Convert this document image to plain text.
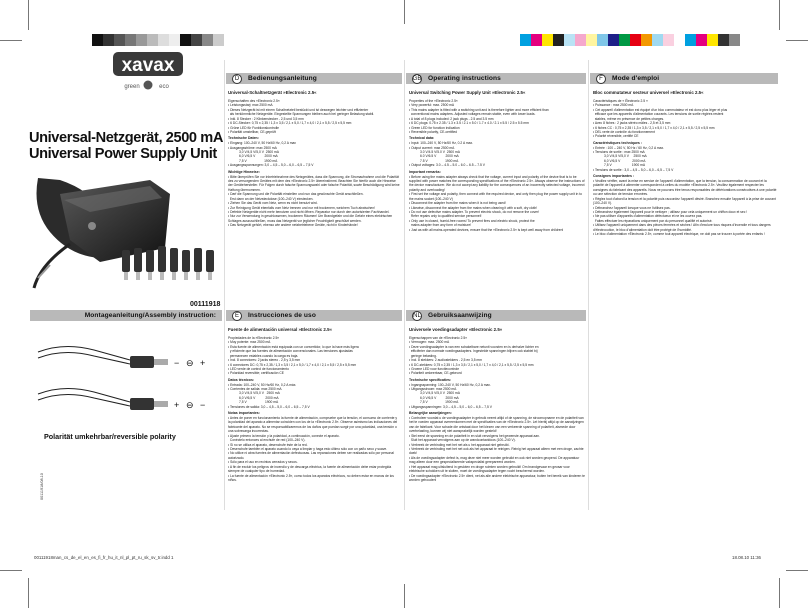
xavax
green	eco
Universal-Netzgerät, 2500 mA
Universal Power Supply Unit
00111918
D	Bedienungsanleitung	GB Operating instructions	F	Mode d'emploi
Universal-Schaltnetzgerät »Electronic 2.5«

Eigenschaften des »Electronic 2.5«
• Leistungsstarj: max 2500 mA
• Dieses Netzgerät ist mit einem Schaltnetzteil bestückt und ist deswegen leichter und effizienter
als herkömmliche Netzgeräte. Eingestellte Spannungen bleiben auch bei geringer Belastung stabil.
• Inkl. 8 Stecker : 2 Klinkenstecker - 2,5 und 3,5 mm
• 6 DC-Stecker: 0,75 x 2,35 / 1,3 x 3,5 / 2,1 x 5,0 / 1,7 x 4,0 / 2,1 x 5,5 / 2,5 x 5,5 mm
• Grüne LED für Funktionskontrolle
• Polarität umstellbar, CE-geprüft

Technische Daten:

• Eingang: 100–240 V, 50 Hz/60 Hz, 0,2 A max
• Ausgangsströme: max 2500 mA
3,0 V/4,5 V/5,0 V  2500 mA
6,0 V/6,5 V          2000 mA
7,5 V                   1900 mA
• Ausgangsspannungen: 3,0 – 4,5 – 5,0 – 6,0 – 6,5 – 7,5 V

Wichtige Hinweise:

• Bitte überprüfen Sie vor Inbetriebnahme des Netzgerätes, dass die Spannung, die Stromaufnahme und die Polarität des zu versorgenden Gerätes mit dem des »Electronic 2.5« übereinstimmt. Beachten Sie hierfür auch die Hinweise der Gerätehersteller. Für Folgen durch falsche Spannungswahl oder falsche Polarität, sowie Beschädigung wird keine Haftung übernommen.
• Darf die Spannung und die Polarität einstellen und nun das gewünschte Gerät anschließen.
Erst dann an der Netzsteckdose (100–240 V) einstecken.
• Ziehen Sie das Gerät vom Netz, wenn es nicht benutzt wird.
• Zur Reinigung Gerät ebenfalls vom Netz trennen und nur mit trockenem, weichem Tuch abwischen!
• Defekte Netzgeräte nicht mehr benutzen und nicht öffnen. Reparatur nur durch den autorisierten Fachhandel.
• Nur zur Verwendung in geschlossenen, trockenen Räumen! Um Brandgefahr und die Gefahr eines elektrischen Schlages auszuschließen, muss das Netzgerät vor jeglicher Feuchtigkeit geschützt werden.
• Das Netzgerät gehört, ebenso wie andere netzbetriebene Geräte, nicht in Kinderhände!

Universal Switching Power Supply Unit »Electronic 2.5«

Properties of the »Electronic 2.5«
• Very powerful: max. 2500 mA
• This mains adapter is fitted with a switching unit and is therefore lighter and more efficient than
conventional mains adapters. Adjusted voltages remain stable, even with lower loads.
• A total of 8 plugs included: 2 jack plugs - 2.5 and 3.5 mm
• 6 DC plugs: 0.75 x 2.35 / 1.3 x 3.5 / 2.1 x 5.0 / 1.7 x 4.0 / 2.1 x 5.5 / 2.5 x 5.5 mm
• Green LED for function indication
• Reversible polarity, CE-certified

Technical data:

• Input: 100–240 V, 50 Hz/60 Hz, 0.2 A max.
• Output current: max 2500 mA
3.0 V/4.5 V/5.0 V  2500 mA
6.0 V/6.5 V          2000 mA
7.5 V                   1900 mA
• Output voltages: 3.0 – 4.5 – 5.0 – 6.0 – 6.5 – 7.5 V

Important remarks:

• Before using the mains adapter always check that the voltage, current input and polarity of the device that is to be supplied with power matches the corresponding specifications of the »Electronic 2.5«. Always observe the instructions of the device manufacturer. We do not accept any liability for the consequences of an incorrectly selected voltage, incorrect polarity and overloading!
• First set the voltage and polarity, then connect with the required device, and only then plug the power supply unit in to the mains socket (100–240 V)
• Disconnect the adapter from the mains when it is not being used!
• Likewise, disconnect the adapter from the mains when cleaning it with a soft, dry cloth!
• Do not use defective mains adapter. To prevent electric shock, do not remove the cover!
Refer repairs only to qualified service personnel!
• Only use in closed, humid-free rooms! To prevent fires and electric shock, protect the
mains adapter from any form of moisture!
• Just as with all mains-operated devices, ensure that the »Electronic 2.5« is kept well away from children!

Bloc commutateur secteur universel »Electronic 2.5«

Caractéristiques de « Électronic 2.5 »
• Puissance : max 2500 mA
• Cet appareil d'alimentation est équipé d'un bloc commutateur et est donc plus léger et plus
efficace que les appareils d'alimentation courants. Les tensions de sortie réglées restent
stables, même en présence de petites charges.
• Avec 8 fiches : 2 jacks stéréo mâles - 2,5 et 3,5 mm
• 6 fiches CC : 0,75 x 2,35 / 1,3 x 3,5 / 2,1 x 5,0 / 1,7 x 4,0 / 2,1 x 5,5 / 2,5 x 5,5 mm
• DEL verte de contrôle du fonctionnement
• Polarité réversible, certifié CE

Caractéristiques techniques :

• Entrée : 100 – 240 V, 50 Hz / 60 Hz, 0,2 A max.
• Tensions de sortie : max 2500 mA
3,0 V/4,5 V/5,0 V     2500 mA
6,0 V/6,5 V             2000 mA
7,5 V                      1900 mA
• Tensions de sortie : 3,0 – 4,5 – 5,0 – 6,0 – 6,5 – 7,5 V

Consignes importantes :

• Veuillez vérifier, avant la mise en service de l'appareil d'alimentation, que la tension, la consommation de courant et la polarité de l'appareil à alimenter correspondent à celles du modèle »Électronic 2.5«. Veuillez également respecter les consignes du fabricant des appareils. Nous ne pouvons être tenus responsables de détériorations consécutives à une polarité ou une sélection de tension erronées.
• Réglez tout d'abord la tension et la polarité puis raccordez l'appareil désiré. Branchez ensuite l'appareil à la prise de courant (100–240 V).
• Débranchez l'appareil lorsque vous ne l'utilisez pas.
• Débranchez également l'appareil pour le nettoyer ; utilisez pour cela uniquement un chiffon doux et sec !
• Ne pas utiliser d'appareils d'alimentation défectueux et ne les ouvrez pas.
Faites effectuer les réparations uniquement par du personnel qualifié et autorisé.
• Utilisez l'appareil uniquement dans des pièces fermées et sèches ! Afin d'exclure tous risques d'incendie et tous dangers d'électrocution, le bloc d'alimentation doit être protégé de l'humidité.
• Le bloc d'alimentation »Électronic 2.5«, comme tout appareil électrique, ne doit pas se trouver à portée des enfants !

Montageanleitung/Assembly instruction:	E	Instrucciones de uso	NL Gebruiksaanwijzing
− ⊖ +
+ ⊖ −
Polarität umkehrbar/reversible polarity
Fuente de alimentación universal »Electronic 2.5«

Propiedades de la »Electronic 2.5«
• Muy potente: max 2500 mA
• Esta fuente de alimentación está equipada con un convertidor, lo que la hace más ligera
y eficiente que las fuentes de alimentación convencionales. Las tensiones ajustadas
permanecen estables cuando la carga es baja.
• Incl. 8 conectores: 2 jacks stereo - 2,5 y 3,5 mm
• 6 conectores DC: 0,75 x 2,35 / 1,3 x 3,5 / 2,1 x 5,0 / 1,7 x 4,0 / 2,1 x 5,5 / 2,5 x 5,5 mm
• LED verde de control de funcionamiento
• Polaridad reversible; certificación CE

Datos técnicos:

• Entrada: 100–240 V, 50 Hz/60 Hz, 0,2 A máx.
• Corrientes de salida: max 2500 mA
3,0 V/4,5 V/5,0 V   2500 mA
6,0 V/6,5 V           2000 mA
7,5 V                    1900 mA
• Tensiones de salida: 3,0 – 4,5 – 5,0 – 6,0 – 6,5 – 7,5 V

Notas importantes:

• Antes de poner en funcionamiento la fuente de alimentación, compruebe que la tensión, el consumo de corriente y la polaridad del aparato a alimentar coinciden con los de la »Electronic 2.5«. Observe asimismo las indicaciones del fabricante del aparato. No se responsabilizaremos de los daños que puedan surgir por una polaridad, una tensión o una sobrecarga incorrectas.
• Ajuste primero la tensión y la polaridad, a continuación, conecte el aparato.
Conéctelo entonces al enchufe de red (100–240 V).
• Si no se utiliza el aparato, desenchufe éste de la red.
• Desenchufe también el aparato cuando lo vaya a limpiar y haga esto último sólo con un paño seco y suave.
• No utilice ni abra fuentes de alimentación defectuosas. Las reparaciones deben ser realizadas sólo por personal autorizado.
• Sólo para el uso en recintos cerrados y secos.
• A fin de excluir los peligros de incendio y de descarga eléctrica, la fuente de alimentación debe estar protegida siempre de cualquier tipo de humedad.
• La fuente de alimentación »Electronic 2.5«, como todos los aparatos eléctricos, no deben estar en manos de los niños.

Universele voedingsadapter »Electronic 2.5«

Eigenschappen van de »Electronic 2.5«
• Vermogen: max. 2500 mA
• Deze voedingsadapter is van een schakelbare netunit voorzien en is derhalve lichter en
efficiënter dan normale voedingsadapters. Ingestelde spanningen blijven ook stabiel bij
geringe belasting.
• Incl. 8 stekkers: 2 audiostekkers - 2,5 en 3,5 mm
• 6 DC-stekkers: 0,75 x 2,35 / 1,3 x 3,5 / 2,1 x 5,0 / 1,7 x 4,0 / 2,1 x 5,5 / 2,5 x 5,5 mm
• Groene LED voor functiecontrole
• Polariteit omkeerbaar, CE-gekeurd

Technische specificaties:

• Ingangsspanning: 100–240 V, 50 Hz/60 Hz, 0,2 A max.
• Uitgangsstroom: max 2500 mA
3,0 V/4,5 V/5,0 V  2500 mA
6,0 V/6,5 V          2000 mA
7,5 V                   1900 mA
• Uitgangsspanningen: 3,0 – 4,5 – 5,0 – 6,0 – 6,5 – 7,5 V

Belangrijke aanwijzingen:

• Controleer voordat u de voedingsadapter in gebruik neemt altijd of de spanning, de stroomopname en de polariteit van het te voeden apparaat overeenkomen met de specificaties van de »Electronic 2.5«. Let hierbij altijd op de aanwijzingen van de fabrikant. Voor schade die ontstaat door het kiezen van een verkeerde spanning of polariteit, alsmede door overbelasting, kunnen wij niet aansprakelijk worden gesteld!
• Stel eerst de spanning en de polariteit in en sluit vervolgens het gewenste apparaat aan.
Sluit het apparaat vervolgens aan op de wandcontactdoos (100–240 V).
• Verbreek de verbinding met het net als u het apparaat niet gebruikt.
• Verbreek de verbinding met het net ook als het apparaat te reinigen. Reinig het apparaat alleen met een droge, zachte doek!
• Als de voedingsadapter defect is, mag deze niet meer worden gebruikt en ook niet worden geopend. De apparatuur mag alleen door een gespecialiseerde vakspecialist gerepareerd worden.
• Het apparaat mag uitsluitend in gesloten en droge ruimten worden gebruikt! Om brandgevaar en gevaar voor elektrische schokken uit te sluiten, moet de voedingsadapter tegen vocht beschermd worden.
• De voedingsadapter »Electronic 2.5« dient, net als alle andere elektrische apparatuur, buiten het bereik van kinderen te worden gehouden!

00111918/08.10
00111918man_cs_de_el_en_es_fi_fr_hu_it_nl_pl_pt_ru_sk_sv_tr.indd 1	18.08.10 11:36
